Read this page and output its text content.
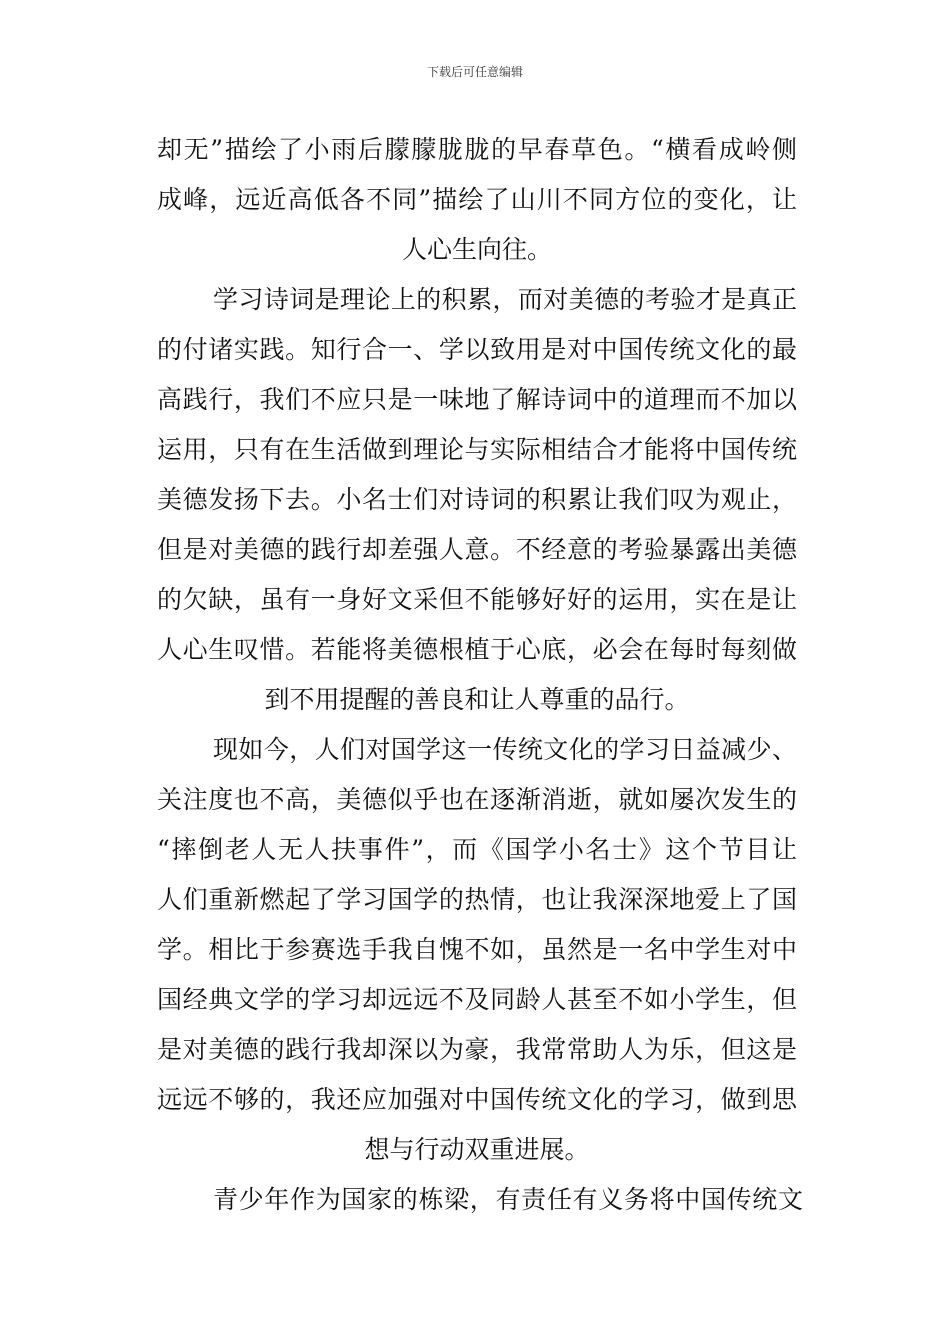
下载后可任意编辑

却无”描绘了小雨后朦朦胧胧的早春草色。“横看成岭侧

成峰，远近高低各不同”描绘了山川不同方位的变化，让

人心生向往。

学习诗词是理论上的积累，而对美德的考验才是真正

的付诸实践。知行合一、学以致用是对中国传统文化的最

高践行，我们不应只是一味地了解诗词中的道理而不加以

运用，只有在生活做到理论与实际相结合才能将中国传统

美德发扬下去。小名士们对诗词的积累让我们叹为观止，

但是对美德的践行却差强人意。不经意的考验暴露出美德

的欠缺，虽有一身好文采但不能够好好的运用，实在是让

人心生叹惜。若能将美德根植于心底，必会在每时每刻做

到不用提醒的善良和让人尊重的品行。

现如今，人们对国学这一传统文化的学习日益减少、

关注度也不高，美德似乎也在逐渐消逝，就如屡次发生的

“摔倒老人无人扶事件”，而《国学小名士》这个节目让

人们重新燃起了学习国学的热情，也让我深深地爱上了国

学。相比于参赛选手我自愧不如，虽然是一名中学生对中

国经典文学的学习却远远不及同龄人甚至不如小学生，但

是对美德的践行我却深以为豪，我常常助人为乐，但这是

远远不够的，我还应加强对中国传统文化的学习，做到思

想与行动双重进展。

青少年作为国家的栋梁，有责任有义务将中国传统文
